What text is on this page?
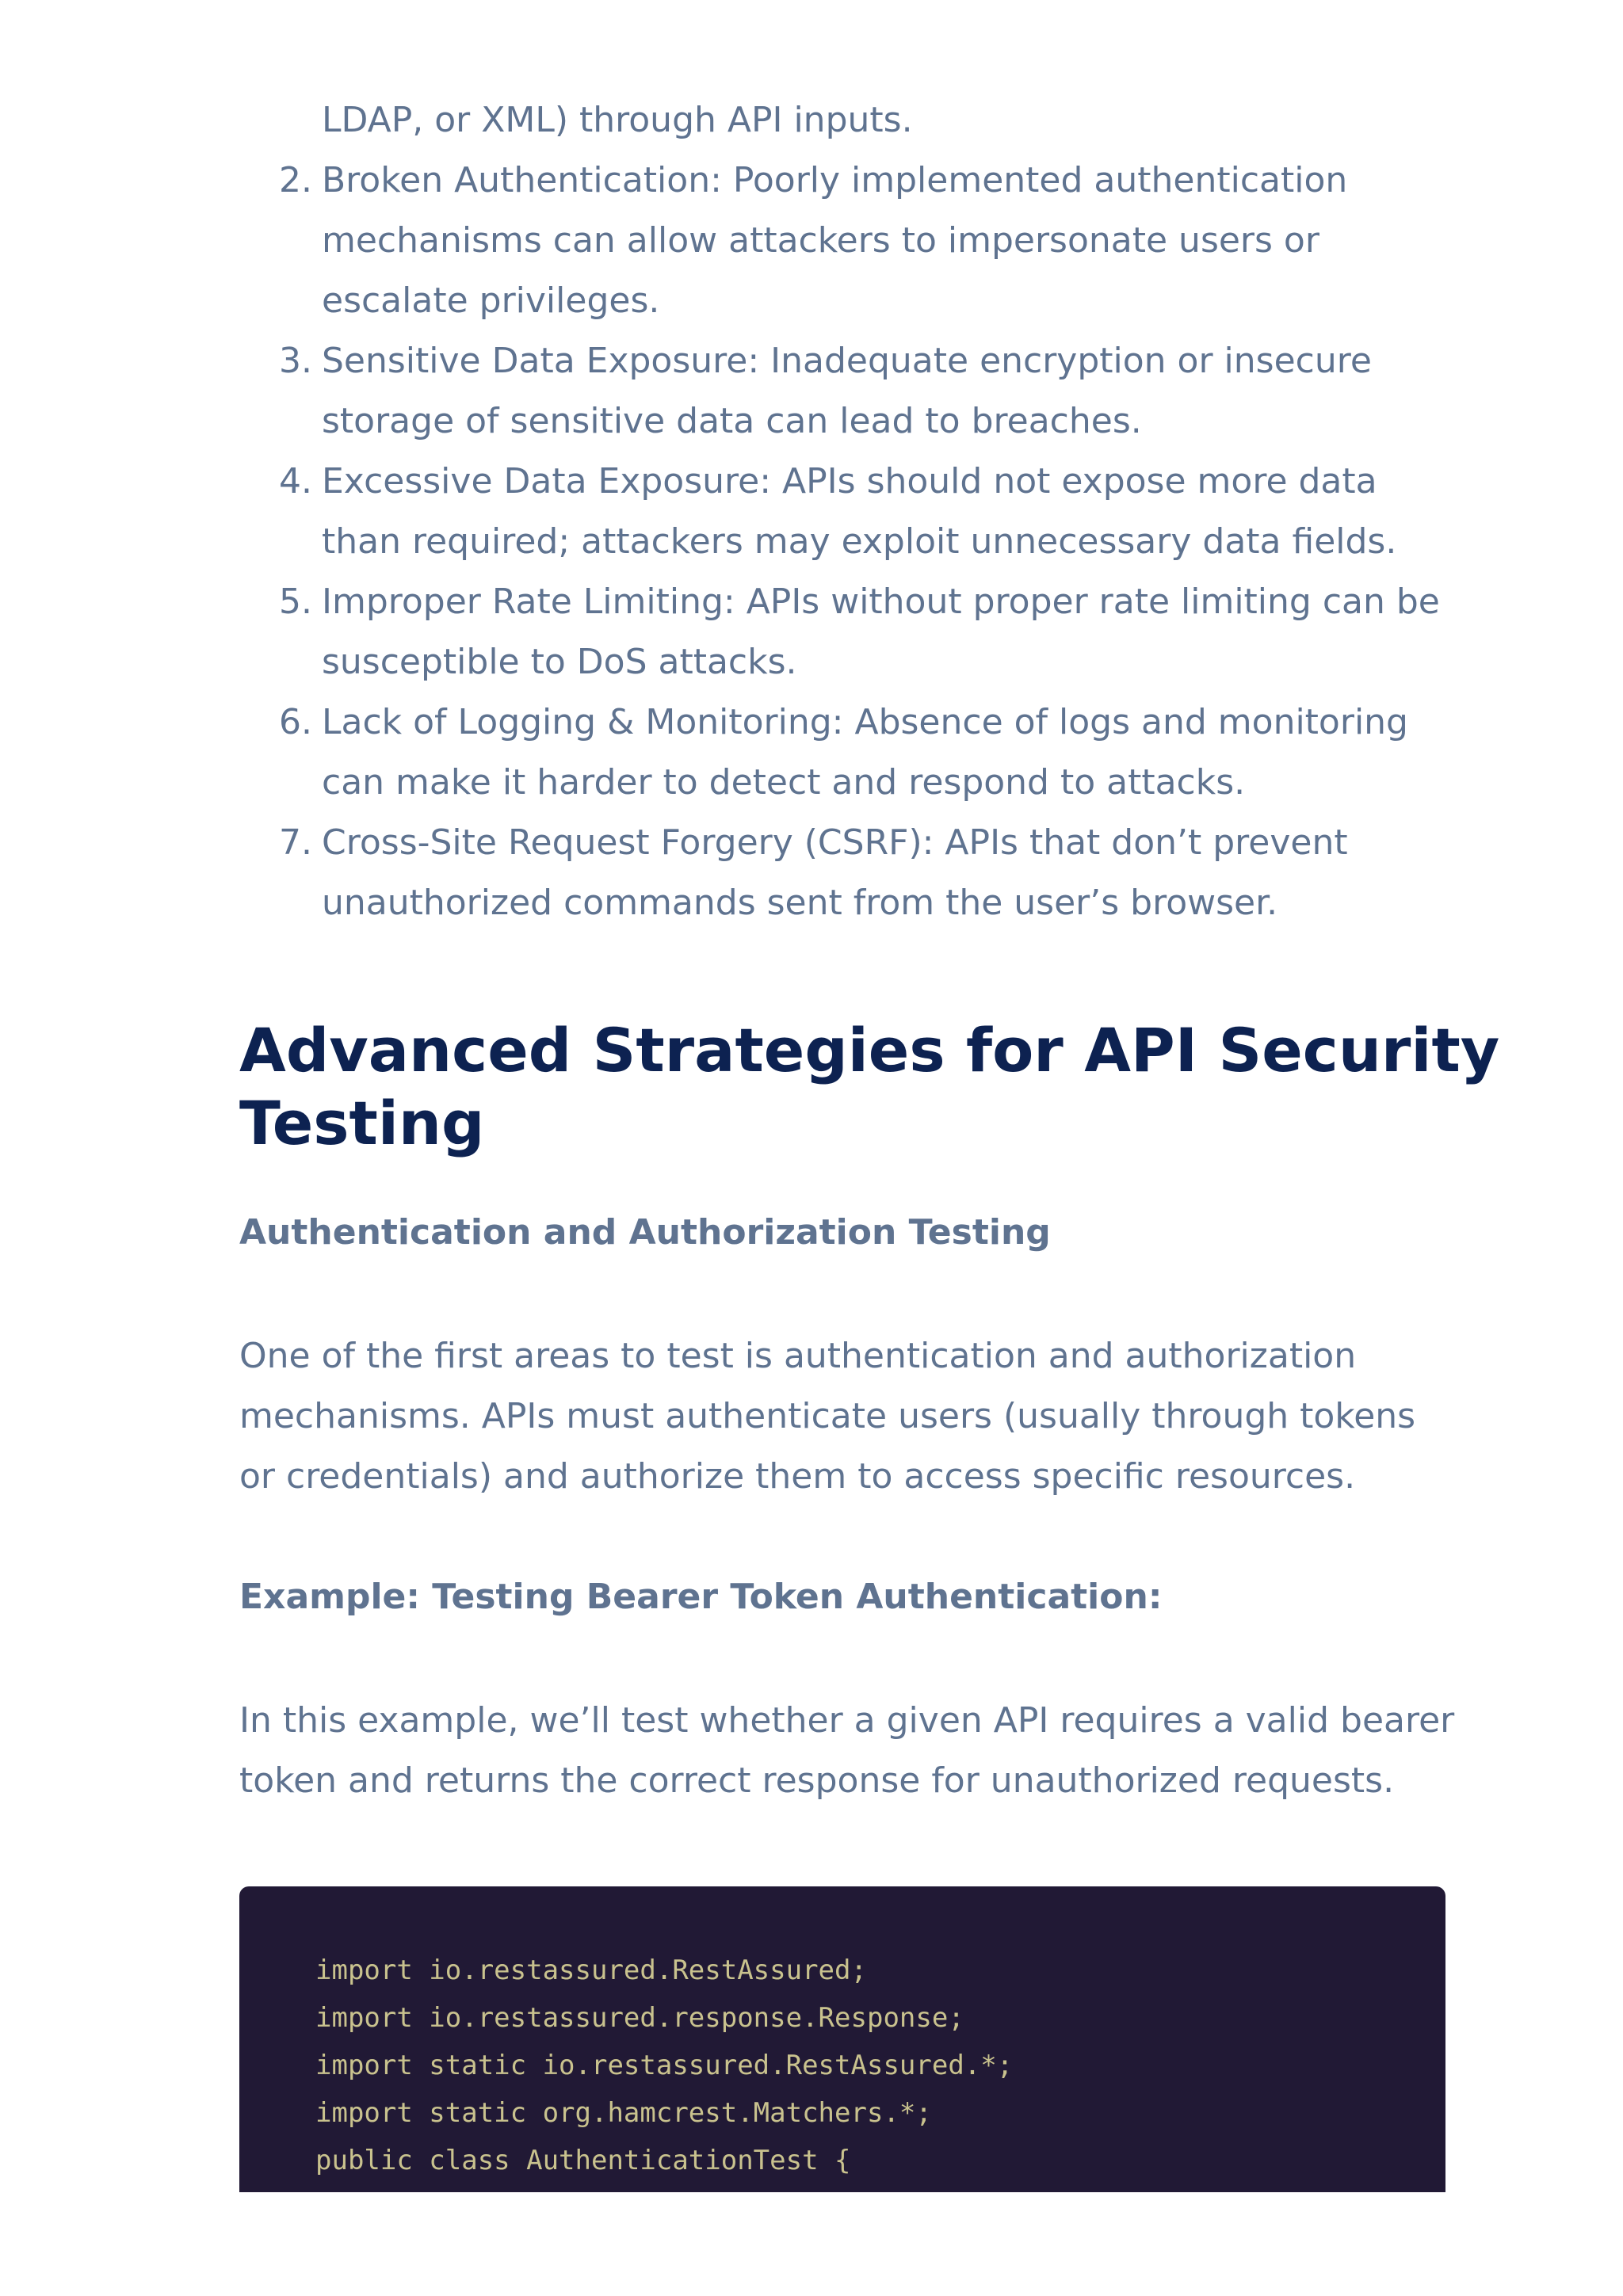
LDAP, or XML) through API inputs.
2. Broken Authentication: Poorly implemented authentication
mechanisms can allow attackers to impersonate users or
escalate privileges.
3. Sensitive Data Exposure: Inadequate encryption or insecure
storage of sensitive data can lead to breaches.
4. Excessive Data Exposure: APIs should not expose more data
than required; attackers may exploit unnecessary data fields.
5. Improper Rate Limiting: APIs without proper rate limiting can be
susceptible to DoS attacks.
6. Lack of Logging & Monitoring: Absence of logs and monitoring
can make it harder to detect and respond to attacks.
7. Cross-Site Request Forgery (CSRF): APIs that don’t prevent
unauthorized commands sent from the user’s browser.
Advanced Strategies for API Security
Testing
Authentication and Authorization Testing
One of the first areas to test is authentication and authorization
mechanisms. APIs must authenticate users (usually through tokens
or credentials) and authorize them to access specific resources.
Example: Testing Bearer Token Authentication:
In this example, we’ll test whether a given API requires a valid bearer
token and returns the correct response for unauthorized requests.
import io.restassured.RestAssured;
import io.restassured.response.Response;
import static io.restassured.RestAssured.*;
import static org.hamcrest.Matchers.*;
public class AuthenticationTest {
